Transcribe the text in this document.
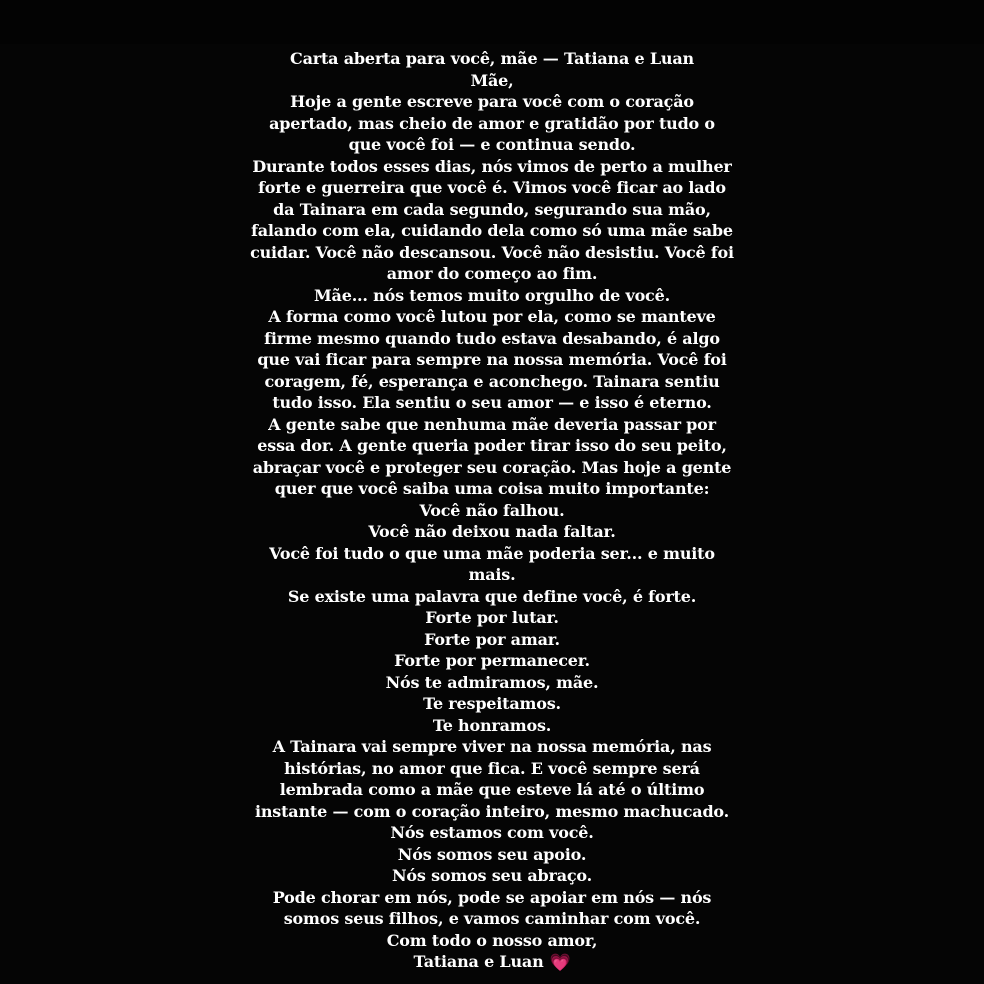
Carta aberta para você, mãe — Tatiana e Luan
Mãe,
Hoje a gente escreve para você com o coração
apertado, mas cheio de amor e gratidão por tudo o
que você foi — e continua sendo.
Durante todos esses dias, nós vimos de perto a mulher
forte e guerreira que você é. Vimos você ficar ao lado
da Tainara em cada segundo, segurando sua mão,
falando com ela, cuidando dela como só uma mãe sabe
cuidar. Você não descansou. Você não desistiu. Você foi
amor do começo ao fim.
Mãe... nós temos muito orgulho de você.
A forma como você lutou por ela, como se manteve
firme mesmo quando tudo estava desabando, é algo
que vai ficar para sempre na nossa memória. Você foi
coragem, fé, esperança e aconchego. Tainara sentiu
tudo isso. Ela sentiu o seu amor — e isso é eterno.
A gente sabe que nenhuma mãe deveria passar por
essa dor. A gente queria poder tirar isso do seu peito,
abraçar você e proteger seu coração. Mas hoje a gente
quer que você saiba uma coisa muito importante:
Você não falhou.
Você não deixou nada faltar.
Você foi tudo o que uma mãe poderia ser... e muito
mais.
Se existe uma palavra que define você, é forte.
Forte por lutar.
Forte por amar.
Forte por permanecer.
Nós te admiramos, mãe.
Te respeitamos.
Te honramos.
A Tainara vai sempre viver na nossa memória, nas
histórias, no amor que fica. E você sempre será
lembrada como a mãe que esteve lá até o último
instante — com o coração inteiro, mesmo machucado.
Nós estamos com você.
Nós somos seu apoio.
Nós somos seu abraço.
Pode chorar em nós, pode se apoiar em nós — nós
somos seus filhos, e vamos caminhar com você.
Com todo o nosso amor,
Tatiana e Luan 💗
